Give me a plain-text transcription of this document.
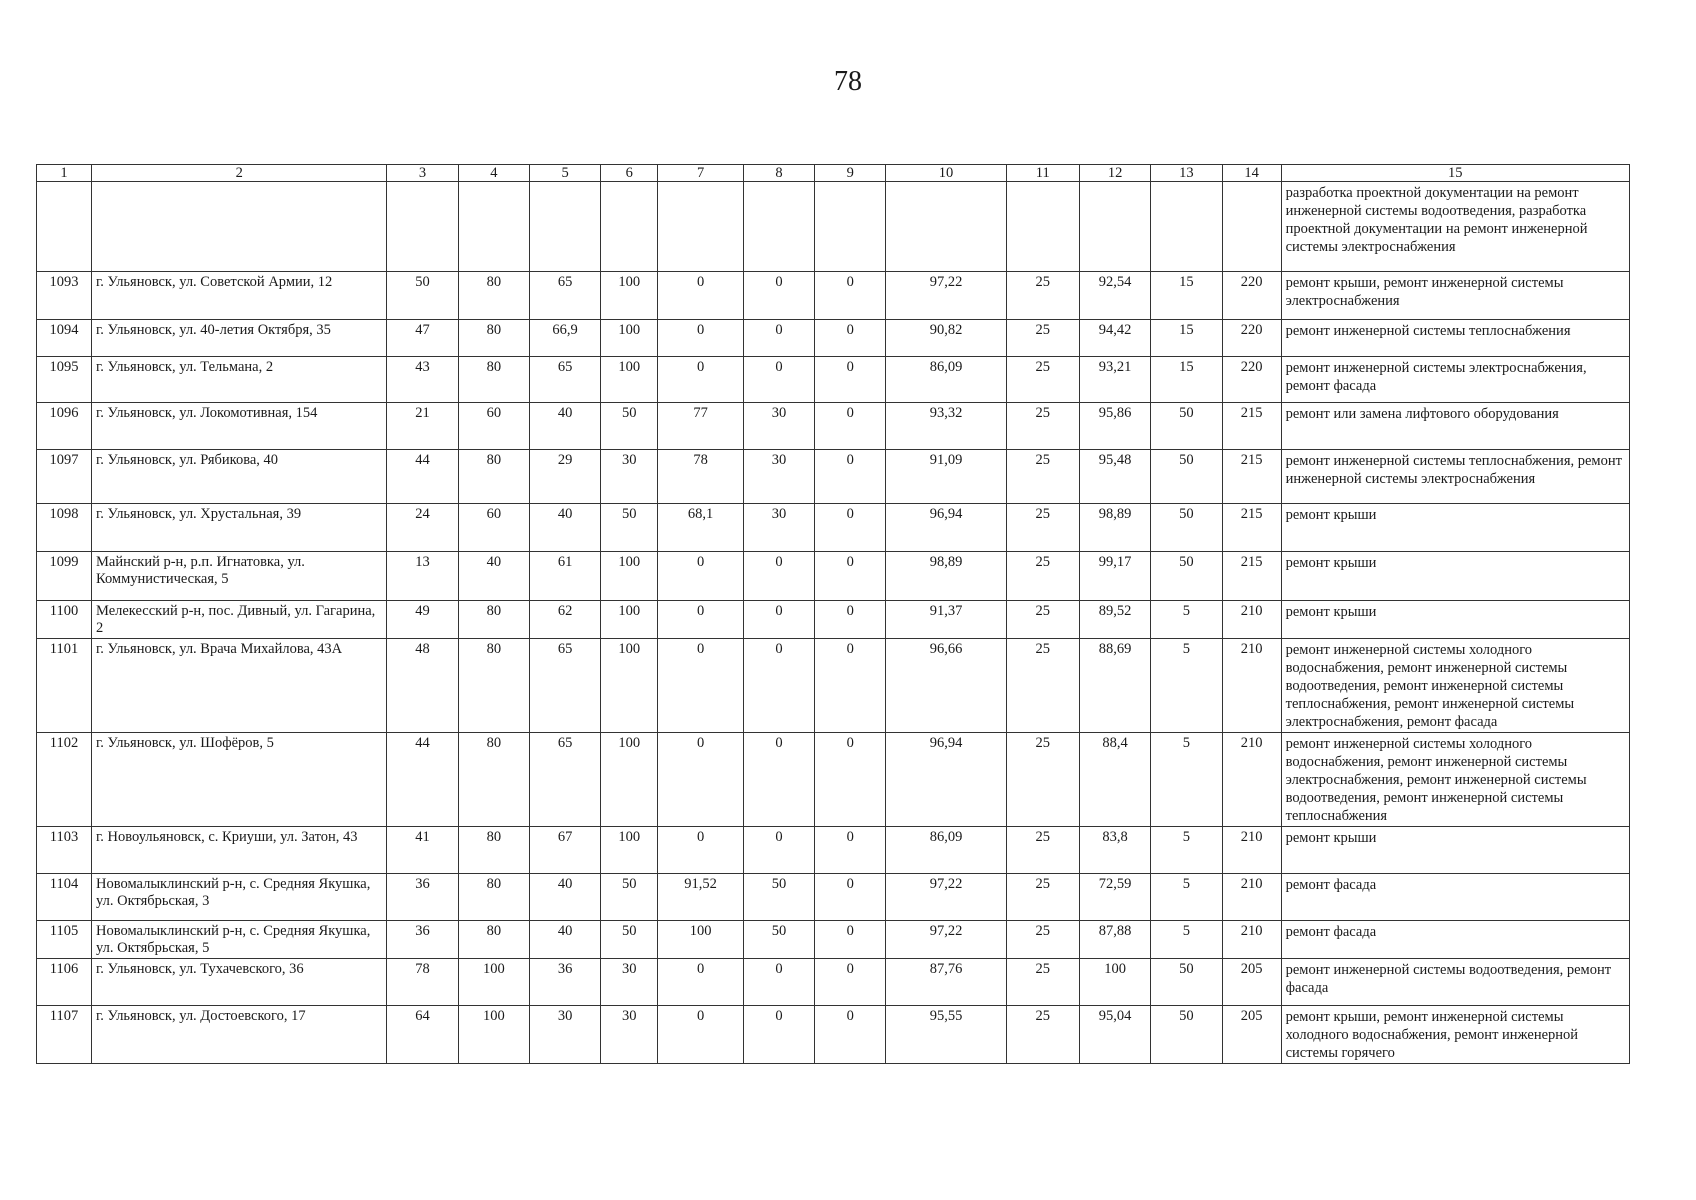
78
1	2	3	4	5	6	7	8	9	10	11	12	13	14	15
														разработка проектной документации на ремонт инженерной системы водоотведения, разработка проектной документации на ремонт инженерной системы электроснабжения
1093	г. Ульяновск, ул. Советской Армии, 12	50	80	65	100	0	0	0	97,22	25	92,54	15	220	ремонт крыши, ремонт инженерной системы электроснабжения
1094	г. Ульяновск, ул. 40-летия Октября, 35	47	80	66,9	100	0	0	0	90,82	25	94,42	15	220	ремонт инженерной системы теплоснабжения
1095	г. Ульяновск, ул. Тельмана, 2	43	80	65	100	0	0	0	86,09	25	93,21	15	220	ремонт инженерной системы электроснабжения, ремонт фасада
1096	г. Ульяновск, ул. Локомотивная, 154	21	60	40	50	77	30	0	93,32	25	95,86	50	215	ремонт или замена лифтового оборудования
1097	г. Ульяновск, ул. Рябикова, 40	44	80	29	30	78	30	0	91,09	25	95,48	50	215	ремонт инженерной системы теплоснабжения, ремонт инженерной системы электроснабжения
1098	г. Ульяновск, ул. Хрустальная, 39	24	60	40	50	68,1	30	0	96,94	25	98,89	50	215	ремонт крыши
1099	Майнский р-н, р.п. Игнатовка, ул. Коммунистическая, 5	13	40	61	100	0	0	0	98,89	25	99,17	50	215	ремонт крыши
1100	Мелекесский р-н, пос. Дивный, ул. Гагарина, 2	49	80	62	100	0	0	0	91,37	25	89,52	5	210	ремонт крыши
1101	г. Ульяновск, ул. Врача Михайлова, 43А	48	80	65	100	0	0	0	96,66	25	88,69	5	210	ремонт инженерной системы холодного водоснабжения, ремонт инженерной системы водоотведения, ремонт инженерной системы теплоснабжения, ремонт инженерной системы электроснабжения, ремонт фасада
1102	г. Ульяновск, ул. Шофёров, 5	44	80	65	100	0	0	0	96,94	25	88,4	5	210	ремонт инженерной системы холодного водоснабжения, ремонт инженерной системы электроснабжения, ремонт инженерной системы водоотведения, ремонт инженерной системы теплоснабжения
1103	г. Новоульяновск, с. Криуши, ул. Затон, 43	41	80	67	100	0	0	0	86,09	25	83,8	5	210	ремонт крыши
1104	Новомалыклинский р-н, с. Средняя Якушка, ул. Октябрьская, 3	36	80	40	50	91,52	50	0	97,22	25	72,59	5	210	ремонт фасада
1105	Новомалыклинский р-н, с. Средняя Якушка, ул. Октябрьская, 5	36	80	40	50	100	50	0	97,22	25	87,88	5	210	ремонт фасада
1106	г. Ульяновск, ул. Тухачевского, 36	78	100	36	30	0	0	0	87,76	25	100	50	205	ремонт инженерной системы водоотведения, ремонт фасада
1107	г. Ульяновск, ул. Достоевского, 17	64	100	30	30	0	0	0	95,55	25	95,04	50	205	ремонт крыши, ремонт инженерной системы холодного водоснабжения, ремонт инженерной системы горячего
